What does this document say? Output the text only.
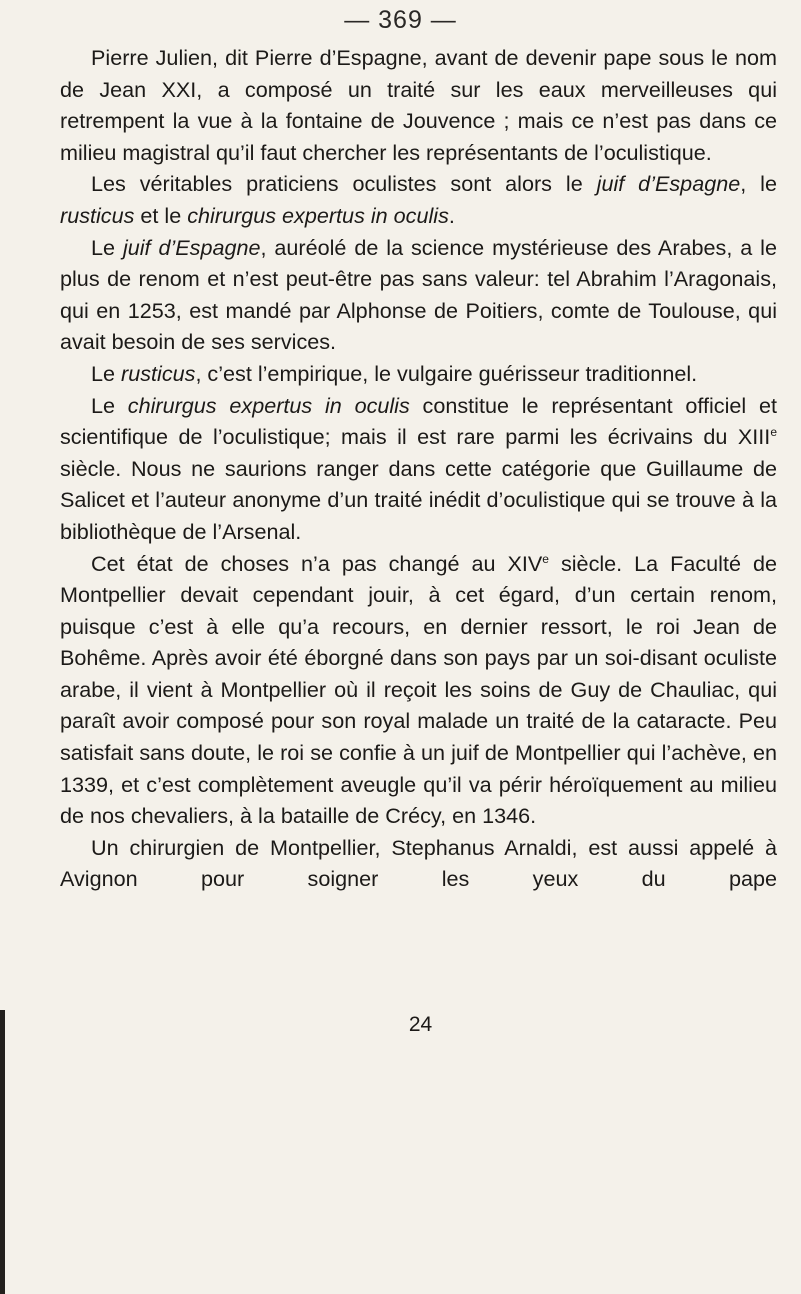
— 369 —

Pierre Julien, dit Pierre d’Espagne, avant de devenir pape sous le nom de Jean XXI, a composé un traité sur les eaux merveilleuses qui retrempent la vue à la fontaine de Jouvence ; mais ce n’est pas dans ce milieu magistral qu’il faut chercher les représentants de l’oculistique.

Les véritables praticiens oculistes sont alors le juif d’Espagne, le rusticus et le chirurgus expertus in oculis.

Le juif d’Espagne, auréolé de la science mystérieuse des Arabes, a le plus de renom et n’est peut-être pas sans valeur: tel Abrahim l’Aragonais, qui en 1253, est mandé par Alphonse de Poitiers, comte de Toulouse, qui avait besoin de ses services.

Le rusticus, c’est l’empirique, le vulgaire guérisseur traditionnel.

Le chirurgus expertus in oculis constitue le représentant officiel et scientifique de l’oculistique; mais il est rare parmi les écrivains du XIIIe siècle. Nous ne saurions ranger dans cette catégorie que Guillaume de Salicet et l’auteur anonyme d’un traité inédit d’oculistique qui se trouve à la bibliothèque de l’Arsenal.

Cet état de choses n’a pas changé au XIVe siècle. La Faculté de Montpellier devait cependant jouir, à cet égard, d’un certain renom, puisque c’est à elle qu’a recours, en dernier ressort, le roi Jean de Bohême. Après avoir été éborgné dans son pays par un soi-disant oculiste arabe, il vient à Montpellier où il reçoit les soins de Guy de Chauliac, qui paraît avoir composé pour son royal malade un traité de la cataracte. Peu satisfait sans doute, le roi se confie à un juif de Montpellier qui l’achève, en 1339, et c’est complètement aveugle qu’il va périr héroïquement au milieu de nos chevaliers, à la bataille de Crécy, en 1346.

Un chirurgien de Montpellier, Stephanus Arnaldi, est aussi appelé à Avignon pour soigner les yeux du pape

24
